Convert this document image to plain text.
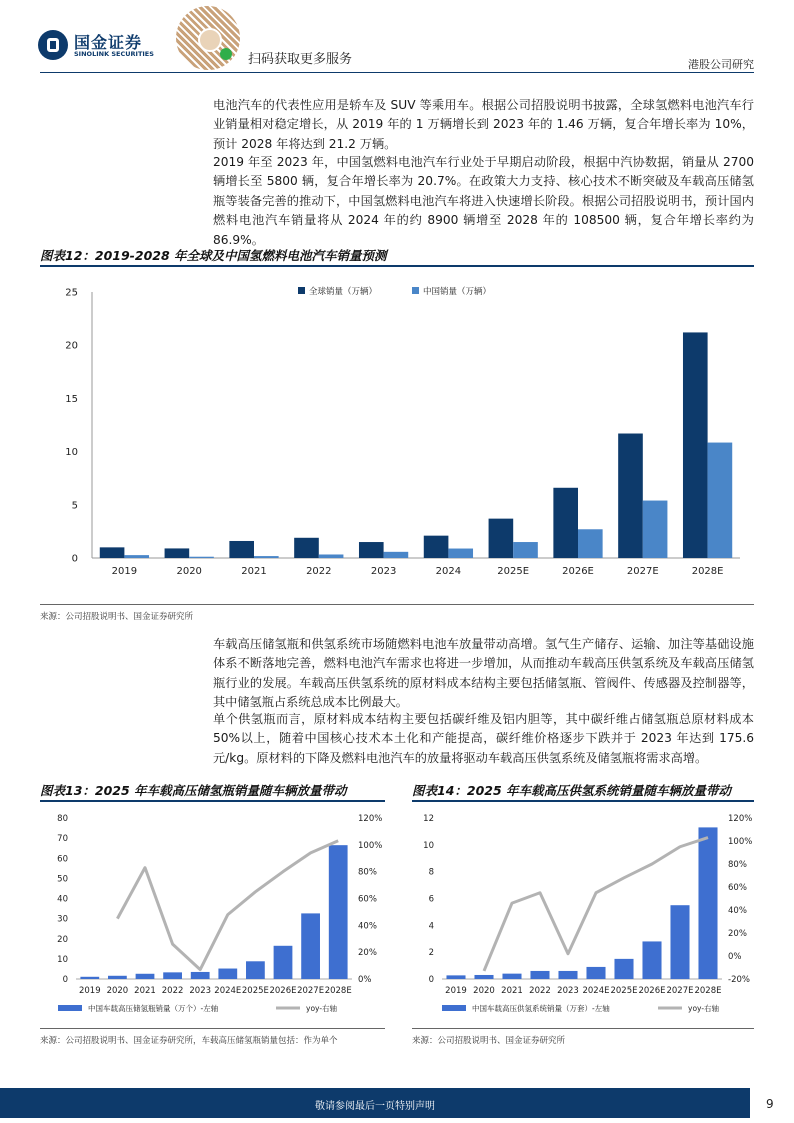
国金证券
SINOLINK SECURITIES	扫码获取更多服务	港股公司研究

电池汽车的代表性应用是轿车及 SUV 等乘用车。根据公司招股说明书披露，全球氢燃料电池汽车行业销量相对稳定增长，从 2019 年的 1 万辆增长到 2023 年的 1.46 万辆，复合年增长率为 10%，预计 2028 年将达到 21.2 万辆。

2019 年至 2023 年，中国氢燃料电池汽车行业处于早期启动阶段，根据中汽协数据，销量从 2700 辆增长至 5800 辆，复合年增长率为 20.7%。在政策大力支持、核心技术不断突破及车载高压储氢瓶等装备完善的推动下，中国氢燃料电池汽车将进入快速增长阶段。根据公司招股说明书，预计国内燃料电池汽车销量将从 2024 年的约 8900 辆增至 2028 年的 108500 辆，复合年增长率约为 86.9%。

图表12：2019-2028 年全球及中国氢燃料电池汽车销量预测
全球销量（万辆）	中国销量（万辆）
0
5
10
15
20
25
2019	2020	2021	2022	2023	2024	2025E	2026E	2027E	2028E
来源：公司招股说明书、国金证券研究所

车载高压储氢瓶和供氢系统市场随燃料电池车放量带动高增。氢气生产储存、运输、加注等基础设施体系不断落地完善，燃料电池汽车需求也将进一步增加，从而推动车载高压供氢系统及车载高压储氢瓶行业的发展。车载高压供氢系统的原材料成本结构主要包括储氢瓶、管阀件、传感器及控制器等，其中储氢瓶占系统总成本比例最大。

单个供氢瓶而言，原材料成本结构主要包括碳纤维及铝内胆等，其中碳纤维占储氢瓶总原材料成本 50%以上，随着中国核心技术本土化和产能提高，碳纤维价格逐步下跌并于 2023 年达到 175.6 元/kg。原材料的下降及燃料电池汽车的放量将驱动车载高压供氢系统及储氢瓶将需求高增。

图表13：2025 年车载高压储氢瓶销量随车辆放量带动
0
10
20
30
40
50
60
70
80
0%
20%
40%
60%
80%
100%
120%
2019 2020 2021 2022 2023 2024E 2025E 2026E 2027E 2028E
中国车载高压储氢瓶销量（万个）-左轴	yoy-右轴
来源：公司招股说明书、国金证券研究所，车载高压储氢瓶销量包括：作为单个
图表14：2025 年车载高压供氢系统销量随车辆放量带动
0
2
4
6
8
10
12
-20%
0%
20%
40%
60%
80%
100%
120%
2019 2020 2021 2022 2023 2024E 2025E 2026E 2027E 2028E
中国车载高压供氢系统销量（万套）-左轴	yoy-右轴
来源：公司招股说明书、国金证券研究所
敬请参阅最后一页特别声明	9
